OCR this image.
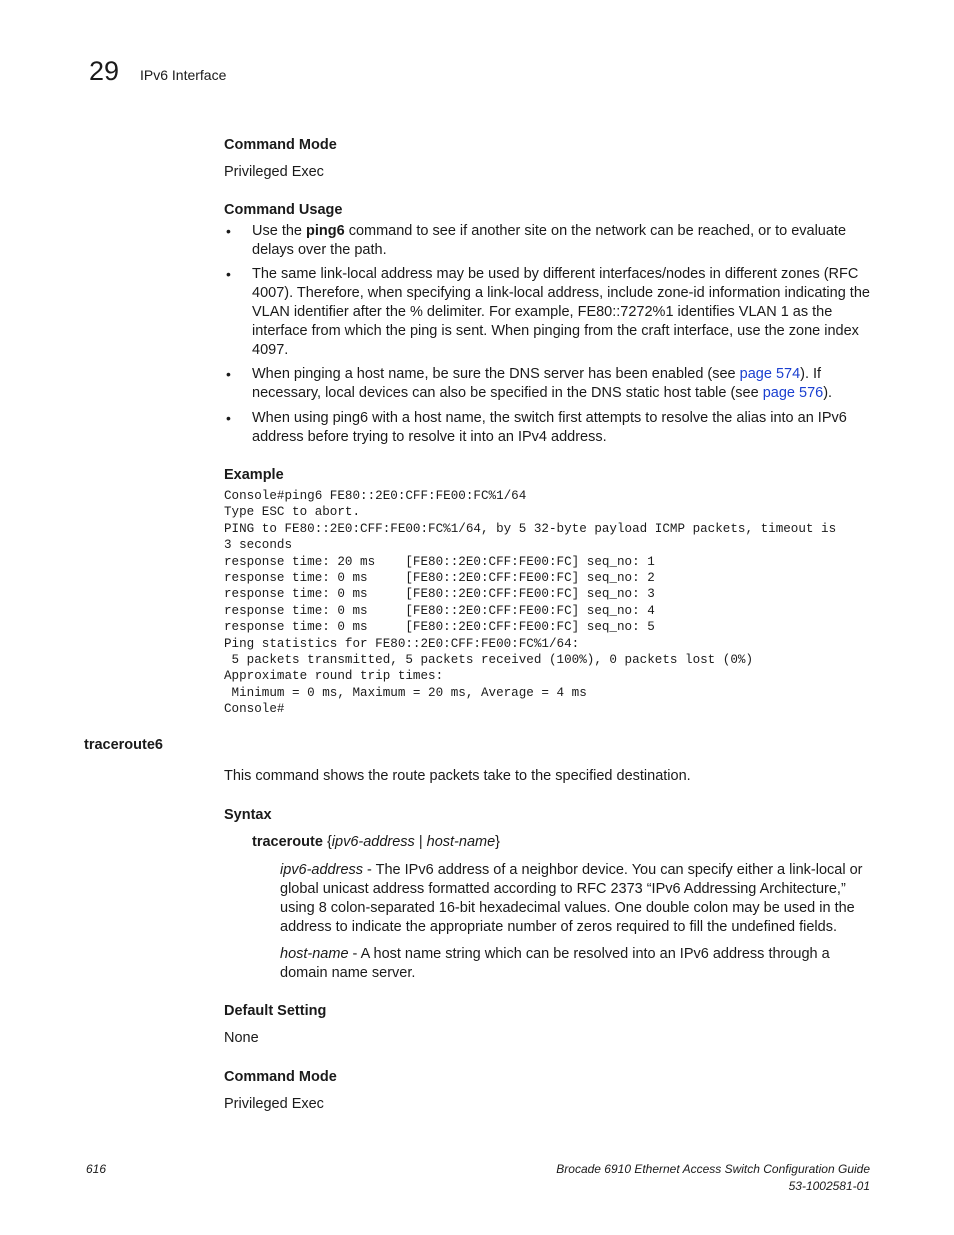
29 IPv6 Interface
Command Mode
Privileged Exec
Command Usage
• Use the ping6 command to see if another site on the network can be reached, or to evaluate delays over the path.
• The same link-local address may be used by different interfaces/nodes in different zones (RFC 4007). Therefore, when specifying a link-local address, include zone-id information indicating the VLAN identifier after the % delimiter. For example, FE80::7272%1 identifies VLAN 1 as the interface from which the ping is sent. When pinging from the craft interface, use the zone index 4097.
• When pinging a host name, be sure the DNS server has been enabled (see page 574). If necessary, local devices can also be specified in the DNS static host table (see page 576).
• When using ping6 with a host name, the switch first attempts to resolve the alias into an IPv6 address before trying to resolve it into an IPv4 address.
Example
Console#ping6 FE80::2E0:CFF:FE00:FC%1/64
Type ESC to abort.
PING to FE80::2E0:CFF:FE00:FC%1/64, by 5 32-byte payload ICMP packets, timeout is
3 seconds
response time: 20 ms    [FE80::2E0:CFF:FE00:FC] seq_no: 1
response time: 0 ms     [FE80::2E0:CFF:FE00:FC] seq_no: 2
response time: 0 ms     [FE80::2E0:CFF:FE00:FC] seq_no: 3
response time: 0 ms     [FE80::2E0:CFF:FE00:FC] seq_no: 4
response time: 0 ms     [FE80::2E0:CFF:FE00:FC] seq_no: 5
Ping statistics for FE80::2E0:CFF:FE00:FC%1/64:
5 packets transmitted, 5 packets received (100%), 0 packets lost (0%)
Approximate round trip times:
Minimum = 0 ms, Maximum = 20 ms, Average = 4 ms
Console#
traceroute6
This command shows the route packets take to the specified destination.
Syntax
traceroute {ipv6-address | host-name}
ipv6-address - The IPv6 address of a neighbor device. You can specify either a link-local or global unicast address formatted according to RFC 2373 “IPv6 Addressing Architecture,” using 8 colon-separated 16-bit hexadecimal values. One double colon may be used in the address to indicate the appropriate number of zeros required to fill the undefined fields.
host-name - A host name string which can be resolved into an IPv6 address through a domain name server.
Default Setting
None
Command Mode
Privileged Exec
616	Brocade 6910 Ethernet Access Switch Configuration Guide
53-1002581-01
